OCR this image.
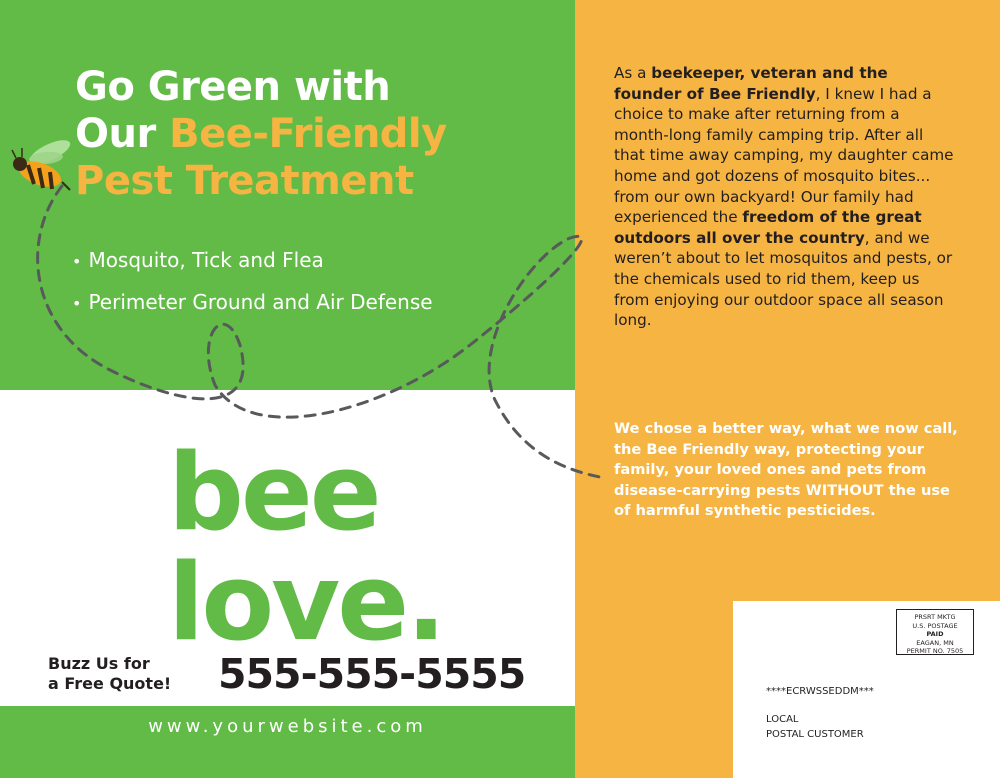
Go Green with
Our Bee-Friendly
Pest Treatment
• Mosquito, Tick and Flea
• Perimeter Ground and Air Defense
bee
love.
Buzz Us for
a Free Quote! 555-555-5555
www.yourwebsite.com

As a beekeeper, veteran and the founder of Bee Friendly, I knew I had a choice to make after returning from a month-long family camping trip. After all that time away camping, my daughter came home and got dozens of mosquito bites... from our own backyard! Our family had experienced the freedom of the great outdoors all over the country, and we weren’t about to let mosquitos and pests, or the chemicals used to rid them, keep us from enjoying our outdoor space all season long.

We chose a better way, what we now call, the Bee Friendly way, protecting your family, your loved ones and pets from disease-carrying pests WITHOUT the use of harmful synthetic pesticides.

PRSRT MKTG
U.S. POSTAGE
PAID
EAGAN, MN
PERMIT NO. 7505
****ECRWSSEDDM***
LOCAL
POSTAL CUSTOMER
